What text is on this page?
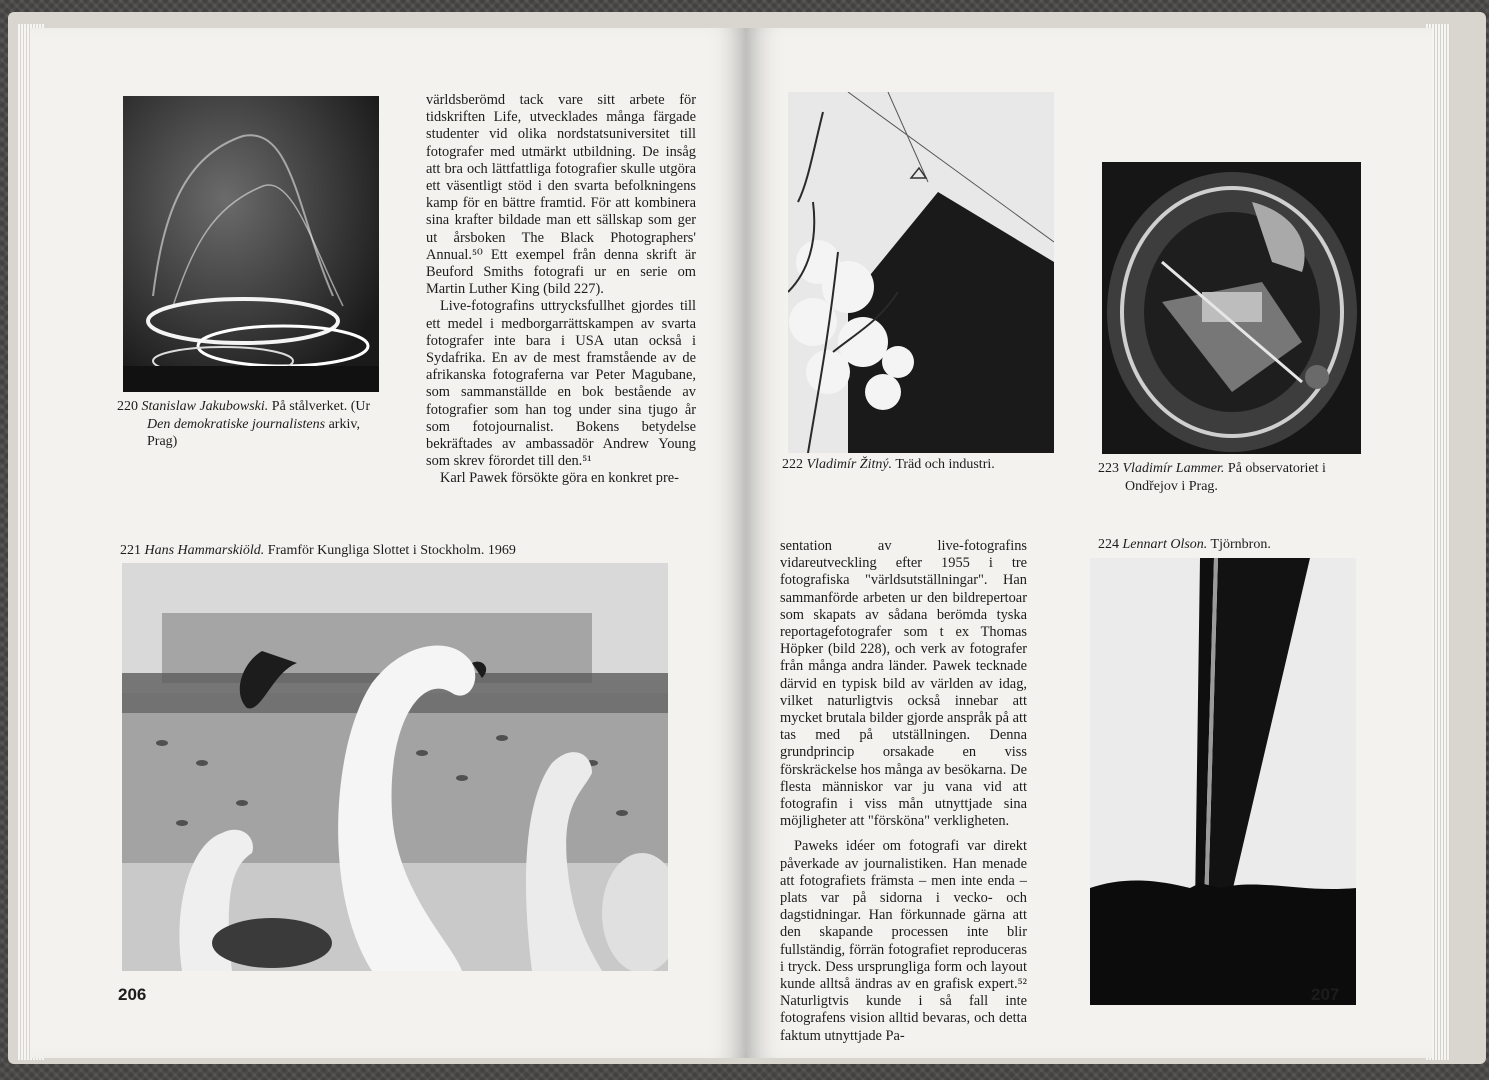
220 Stanislaw Jakubowski. På stålverket. (Ur
Den demokratiske journalistens arkiv,
Prag)

världsberömd tack vare sitt arbete för tidskriften Life, utvecklades många färgade studenter vid olika nordstatsuniversitet till fotografer med utmärkt utbildning. De insåg att bra och lättfattliga fotografier skulle utgöra ett väsentligt stöd i den svarta befolkningens kamp för en bättre framtid. För att kombinera sina krafter bildade man ett sällskap som ger ut årsboken The Black Photographers' Annual.⁵⁰ Ett exempel från denna skrift är Beuford Smiths fotografi ur en serie om Martin Luther King (bild 227).

Live-fotografins uttrycksfullhet gjordes till ett medel i medborgarrättskampen av svarta fotografer inte bara i USA utan också i Sydafrika. En av de mest framstående av de afrikanska fotograferna var Peter Magubane, som sammanställde en bok bestående av fotografier som han tog under sina tjugo år som fotojournalist. Bokens betydelse bekräftades av ambassadör Andrew Young som skrev förordet till den.⁵¹

Karl Pawek försökte göra en konkret pre-

221 Hans Hammarskiöld. Framför Kungliga Slottet i Stockholm. 1969
206
222 Vladimír Žitný. Träd och industri.	223 Vladimír Lammer. På observatoriet i
Ondřejov i Prag.

sentation av live-fotografins vidareutveckling efter 1955 i tre fotografiska "världsutställningar". Han sammanförde arbeten ur den bildrepertoar som skapats av sådana berömda tyska reportagefotografer som t ex Thomas Höpker (bild 228), och verk av fotografer från många andra länder. Pawek tecknade därvid en typisk bild av världen av idag, vilket naturligtvis också innebar att mycket brutala bilder gjorde anspråk på att tas med på utställningen. Denna grundprincip orsakade en viss förskräckelse hos många av besökarna. De flesta människor var ju vana vid att fotografin i viss mån utnyttjade sina möjligheter att "försköna" verkligheten.

Paweks idéer om fotografi var direkt påverkade av journalistiken. Han menade att fotografiets främsta – men inte enda – plats var på sidorna i vecko- och dagstidningar. Han förkunnade gärna att den skapande processen inte blir fullständig, förrän fotografiet reproduceras i tryck. Dess ursprungliga form och layout kunde alltså ändras av en grafisk expert.⁵² Naturligtvis kunde i så fall inte fotografens vision alltid bevaras, och detta faktum utnyttjade Pa-

224 Lennart Olson. Tjörnbron.
207
